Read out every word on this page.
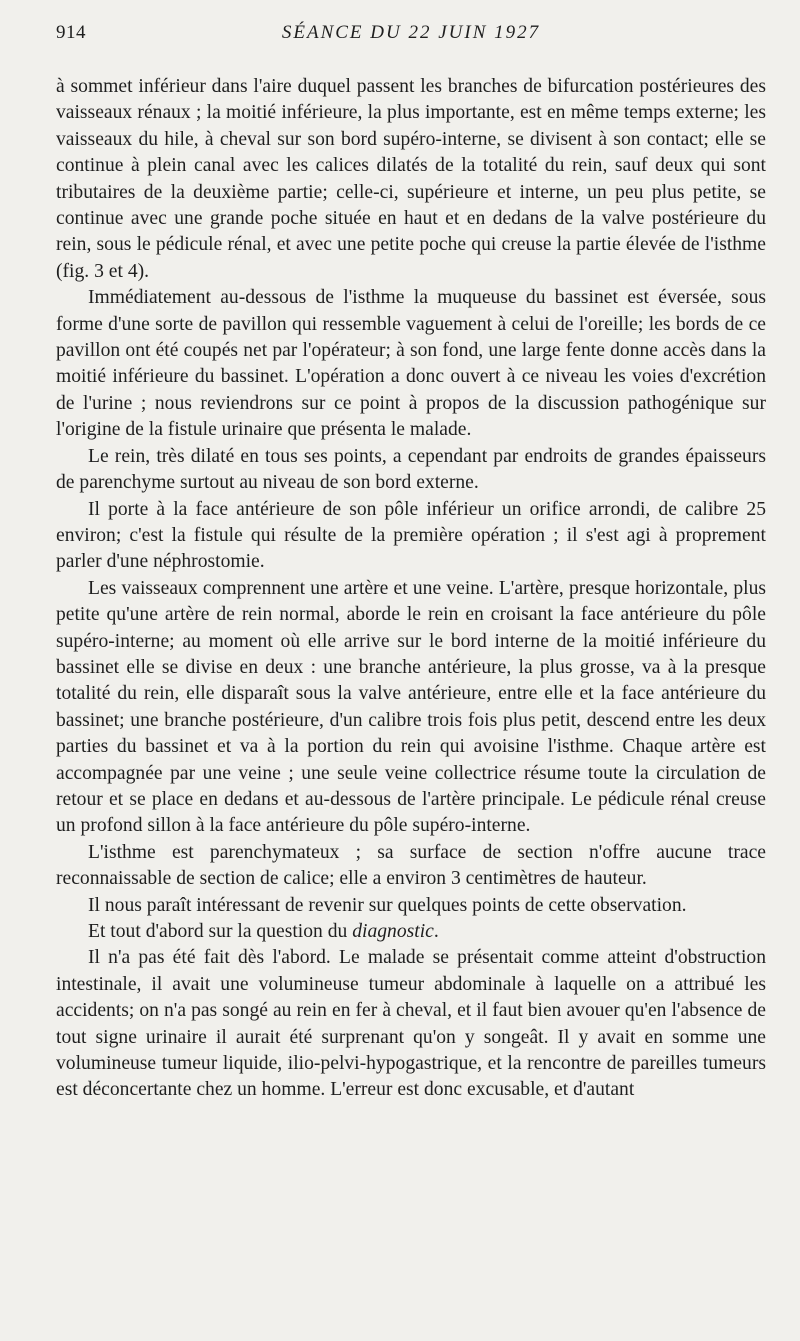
914	SÉANCE DU 22 JUIN 1927

à sommet inférieur dans l'aire duquel passent les branches de bifurcation postérieures des vaisseaux rénaux ; la moitié inférieure, la plus importante, est en même temps externe; les vaisseaux du hile, à cheval sur son bord supéro-interne, se divisent à son contact; elle se continue à plein canal avec les calices dilatés de la totalité du rein, sauf deux qui sont tributaires de la deuxième partie; celle-ci, supérieure et interne, un peu plus petite, se continue avec une grande poche située en haut et en dedans de la valve postérieure du rein, sous le pédicule rénal, et avec une petite poche qui creuse la partie élevée de l'isthme (fig. 3 et 4).

Immédiatement au-dessous de l'isthme la muqueuse du bassinet est éversée, sous forme d'une sorte de pavillon qui ressemble vaguement à celui de l'oreille; les bords de ce pavillon ont été coupés net par l'opérateur; à son fond, une large fente donne accès dans la moitié inférieure du bassinet. L'opération a donc ouvert à ce niveau les voies d'excrétion de l'urine ; nous reviendrons sur ce point à propos de la discussion pathogénique sur l'origine de la fistule urinaire que présenta le malade.

Le rein, très dilaté en tous ses points, a cependant par endroits de grandes épaisseurs de parenchyme surtout au niveau de son bord externe.

Il porte à la face antérieure de son pôle inférieur un orifice arrondi, de calibre 25 environ; c'est la fistule qui résulte de la première opération ; il s'est agi à proprement parler d'une néphrostomie.

Les vaisseaux comprennent une artère et une veine. L'artère, presque horizontale, plus petite qu'une artère de rein normal, aborde le rein en croisant la face antérieure du pôle supéro-interne; au moment où elle arrive sur le bord interne de la moitié inférieure du bassinet elle se divise en deux : une branche antérieure, la plus grosse, va à la presque totalité du rein, elle disparaît sous la valve antérieure, entre elle et la face antérieure du bassinet; une branche postérieure, d'un calibre trois fois plus petit, descend entre les deux parties du bassinet et va à la portion du rein qui avoisine l'isthme. Chaque artère est accompagnée par une veine ; une seule veine collectrice résume toute la circulation de retour et se place en dedans et au-dessous de l'artère principale. Le pédicule rénal creuse un profond sillon à la face antérieure du pôle supéro-interne.

L'isthme est parenchymateux ; sa surface de section n'offre aucune trace reconnaissable de section de calice; elle a environ 3 centimètres de hauteur.

Il nous paraît intéressant de revenir sur quelques points de cette observation.

Et tout d'abord sur la question du diagnostic.

Il n'a pas été fait dès l'abord. Le malade se présentait comme atteint d'obstruction intestinale, il avait une volumineuse tumeur abdominale à laquelle on a attribué les accidents; on n'a pas songé au rein en fer à cheval, et il faut bien avouer qu'en l'absence de tout signe urinaire il aurait été surprenant qu'on y songeât. Il y avait en somme une volumineuse tumeur liquide, ilio-pelvi-hypogastrique, et la rencontre de pareilles tumeurs est déconcertante chez un homme. L'erreur est donc excusable, et d'autant
